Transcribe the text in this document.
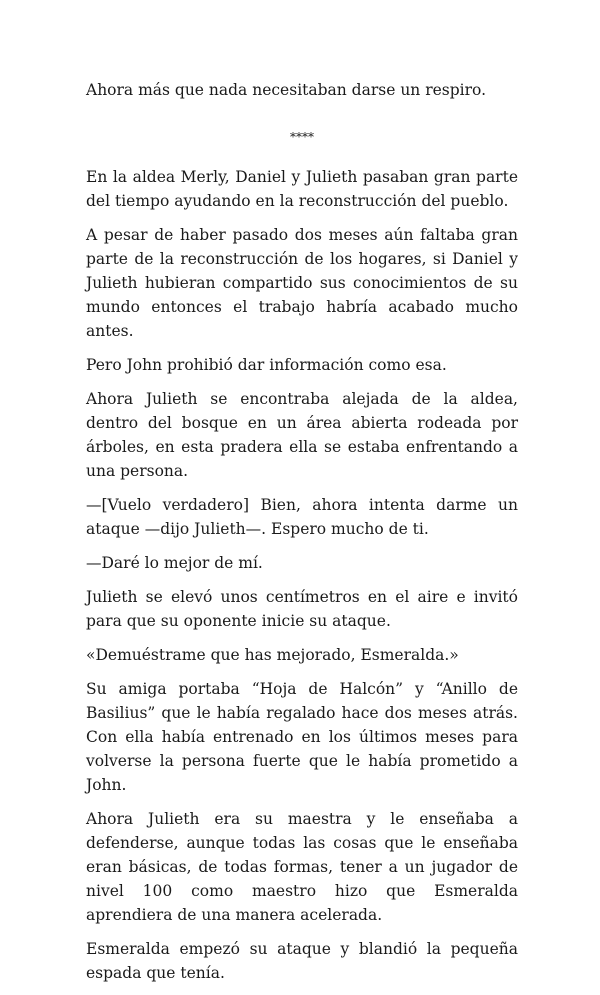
Ahora más que nada necesitaban darse un respiro.

****

En la aldea Merly, Daniel y Julieth pasaban gran parte del tiempo ayudando en la reconstrucción del pueblo.

A pesar de haber pasado dos meses aún faltaba gran parte de la reconstrucción de los hogares, si Daniel y Julieth hubieran compartido sus conocimientos de su mundo entonces el trabajo habría acabado mucho antes.

Pero John prohibió dar información como esa.

Ahora Julieth se encontraba alejada de la aldea, dentro del bosque en un área abierta rodeada por árboles, en esta pradera ella se estaba enfrentando a una persona.

—[Vuelo verdadero] Bien, ahora intenta darme un ataque —dijo Julieth—. Espero mucho de ti.

—Daré lo mejor de mí.

Julieth se elevó unos centímetros en el aire e invitó para que su oponente inicie su ataque.

«Demuéstrame que has mejorado, Esmeralda.»

Su amiga portaba “Hoja de Halcón” y “Anillo de Basilius” que le había regalado hace dos meses atrás. Con ella había entrenado en los últimos meses para volverse la persona fuerte que le había prometido a John.

Ahora Julieth era su maestra y le enseñaba a defenderse, aunque todas las cosas que le enseñaba eran básicas, de todas formas, tener a un jugador de nivel 100 como maestro hizo que Esmeralda aprendiera de una manera acelerada.

Esmeralda empezó su ataque y blandió la pequeña espada que tenía.
